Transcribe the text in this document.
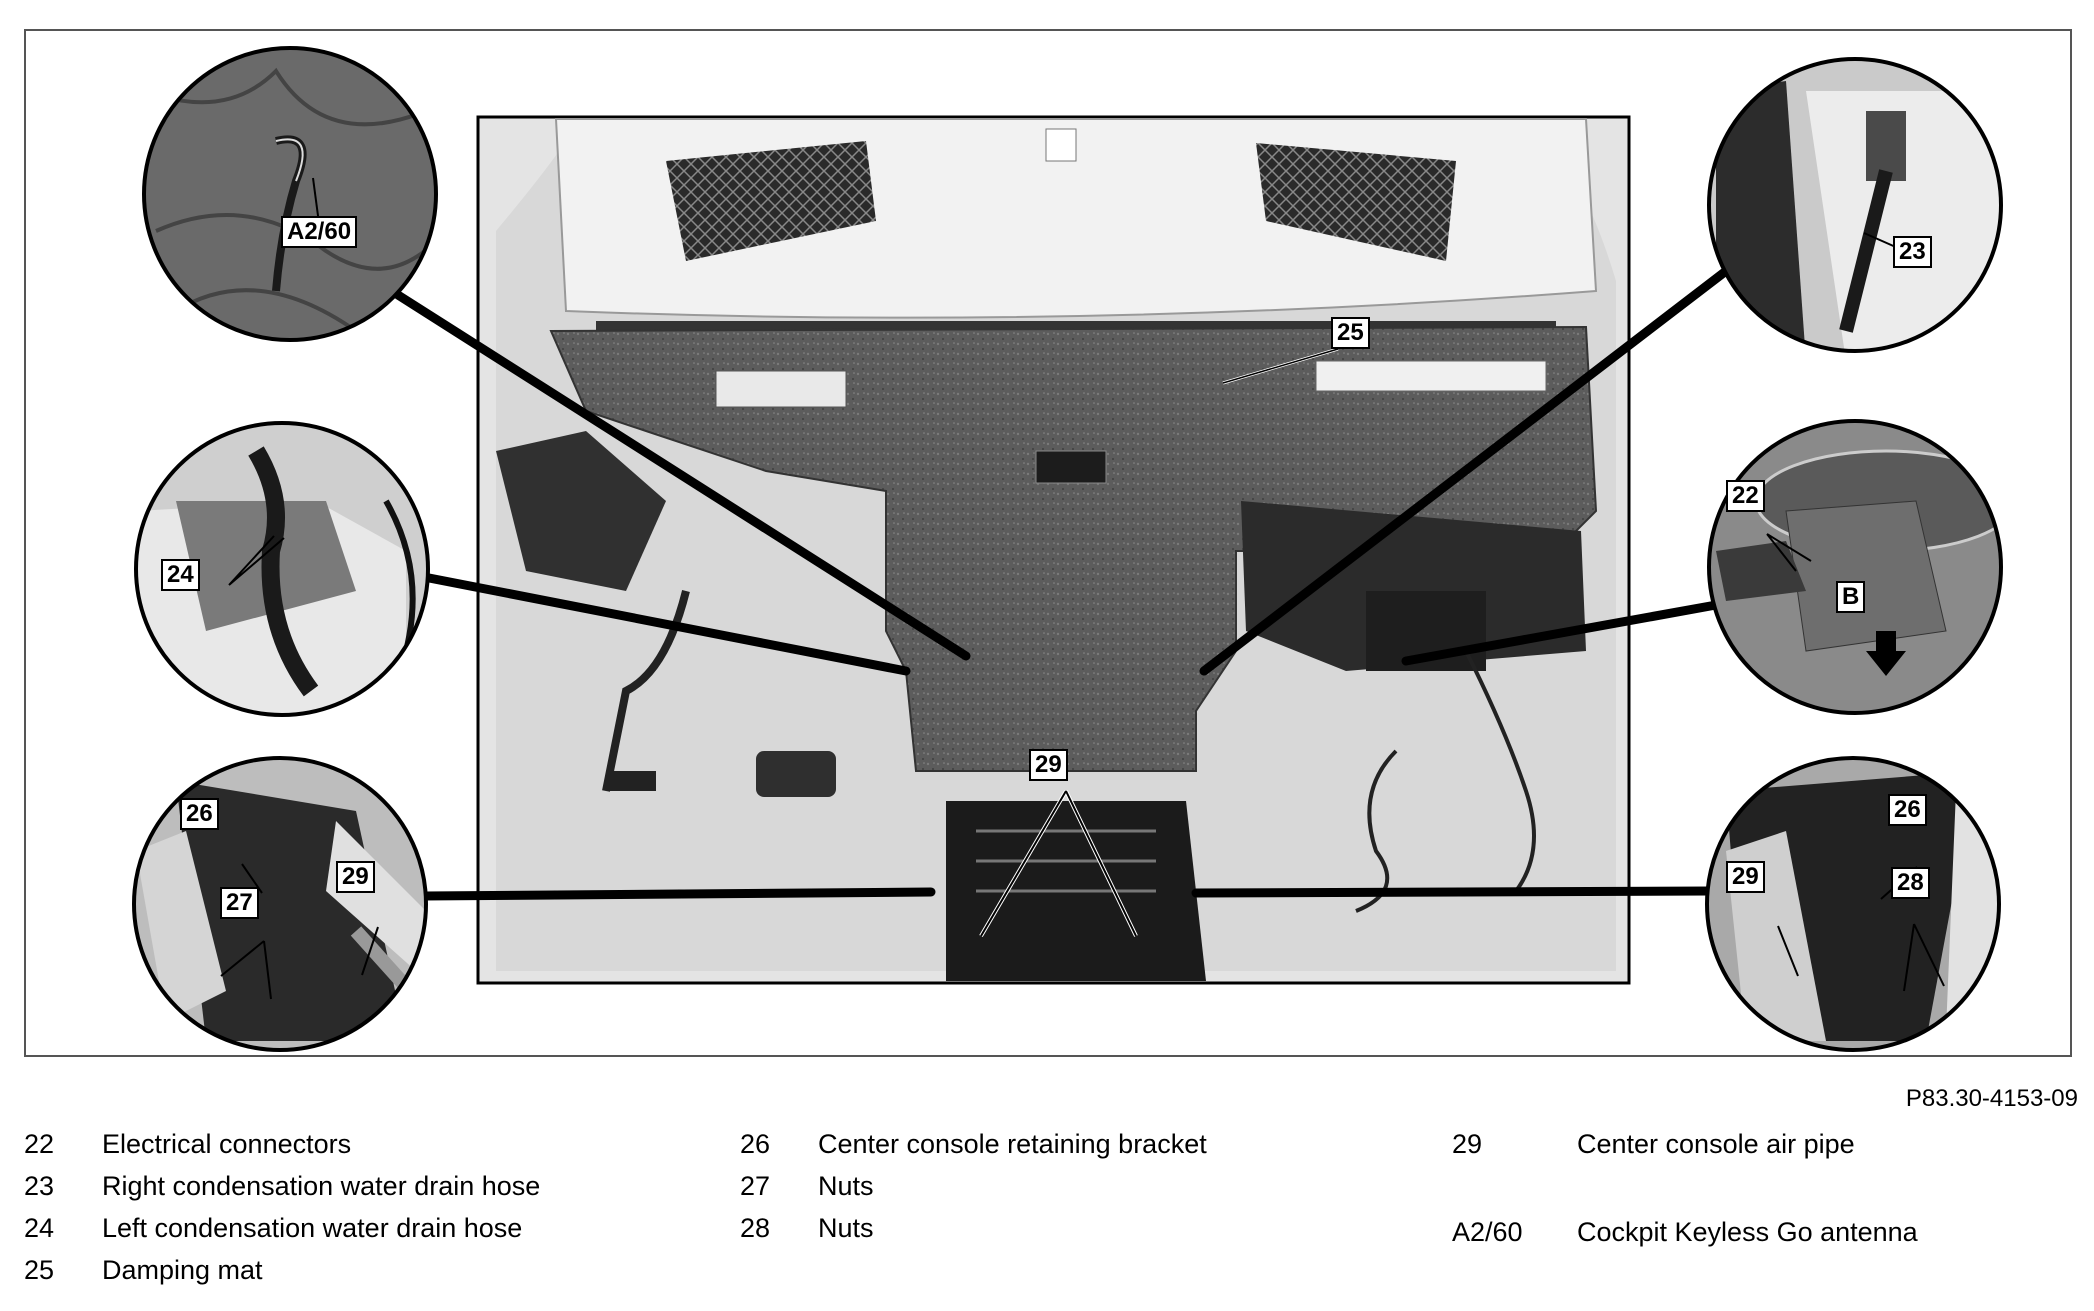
A2/60
23
25
24
22
B
29
26
27
29
26
29	28
P83.30-4153-09
22 Electrical connectors
23 Right condensation water drain hose
24 Left condensation water drain hose
25 Damping mat
26 Center console retaining bracket
27 Nuts
28 Nuts
29	Center console air pipe
A2/60 Cockpit Keyless Go antenna
